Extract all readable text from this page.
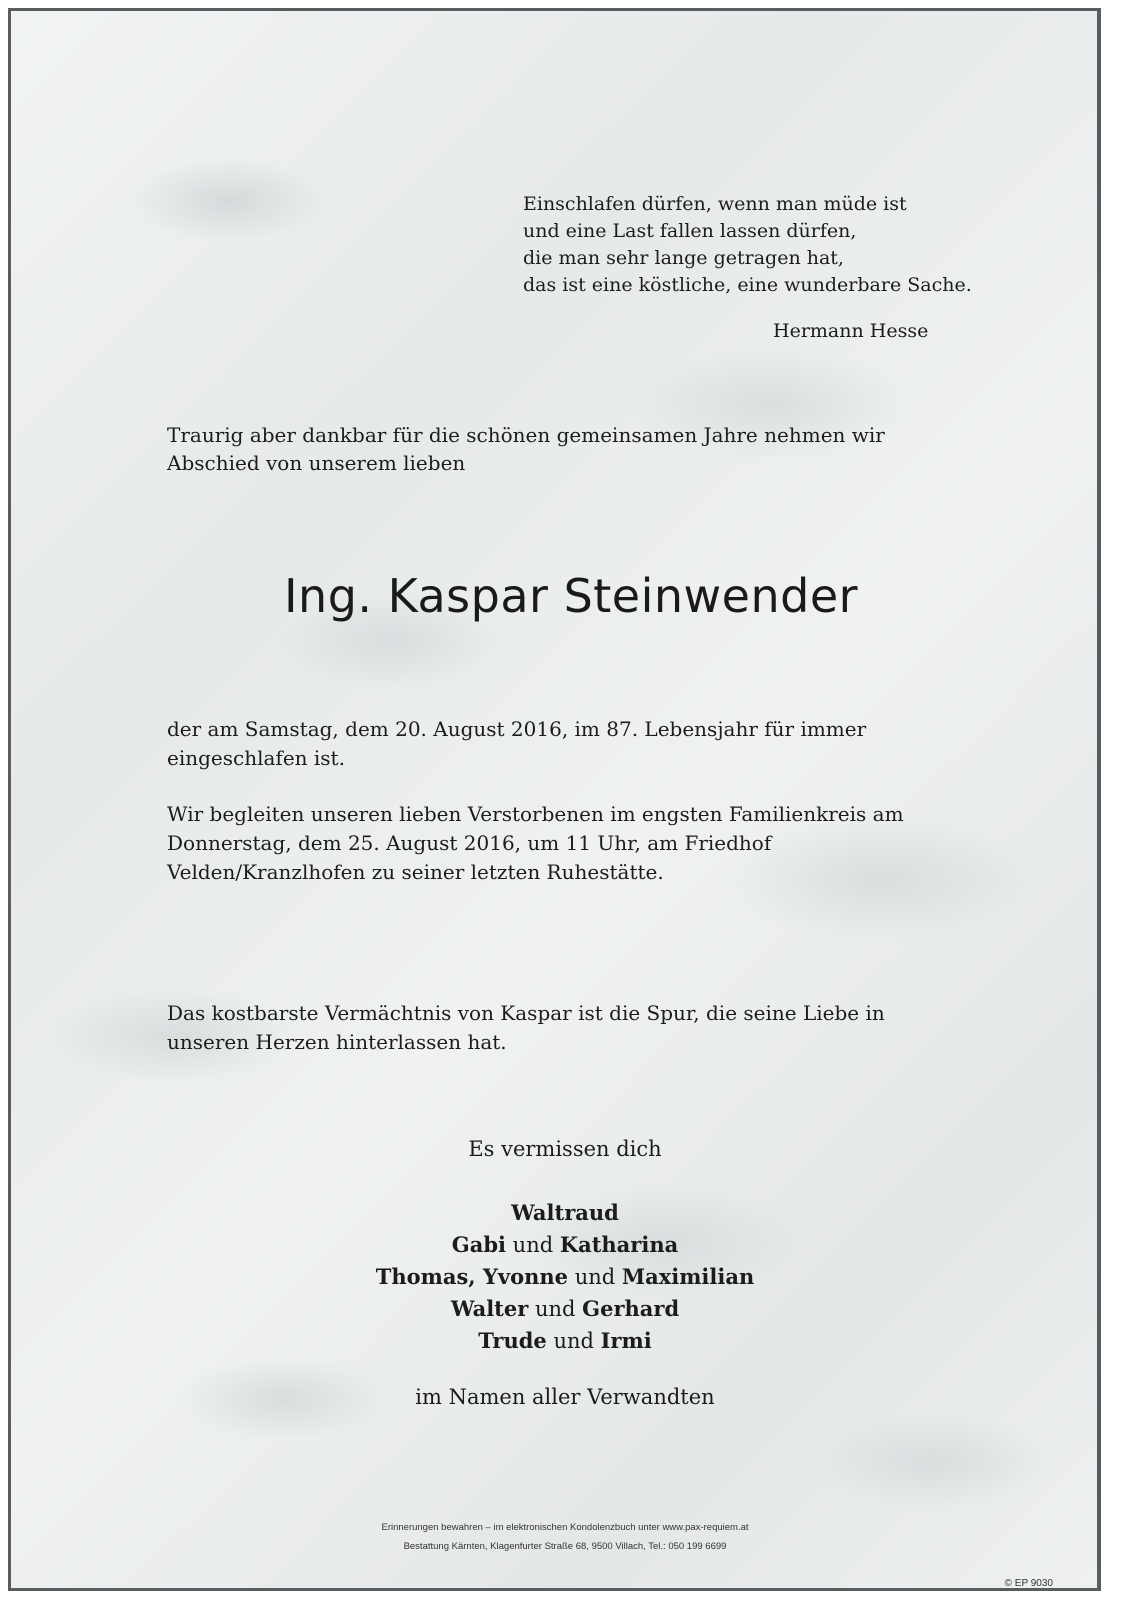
Einschlafen dürfen, wenn man müde ist
und eine Last fallen lassen dürfen,
die man sehr lange getragen hat,
das ist eine köstliche, eine wunderbare Sache.
Hermann Hesse
Traurig aber dankbar für die schönen gemeinsamen Jahre nehmen wir Abschied von unserem lieben
Ing. Kaspar Steinwender
der am Samstag, dem 20. August 2016, im 87. Lebensjahr für immer eingeschlafen ist.
Wir begleiten unseren lieben Verstorbenen im engsten Familienkreis am Donnerstag, dem 25. August 2016, um 11 Uhr, am Friedhof Velden/Kranzlhofen zu seiner letzten Ruhestätte.
Das kostbarste Vermächtnis von Kaspar ist die Spur, die seine Liebe in unseren Herzen hinterlassen hat.
Es vermissen dich
Waltraud
Gabi und Katharina
Thomas, Yvonne und Maximilian
Walter und Gerhard
Trude und Irmi
im Namen aller Verwandten
Erinnerungen bewahren – im elektronischen Kondolenzbuch unter www.pax-requiem.at
Bestattung Kärnten, Klagenfurter Straße 68, 9500 Villach, Tel.: 050 199 6699
© EP 9030
